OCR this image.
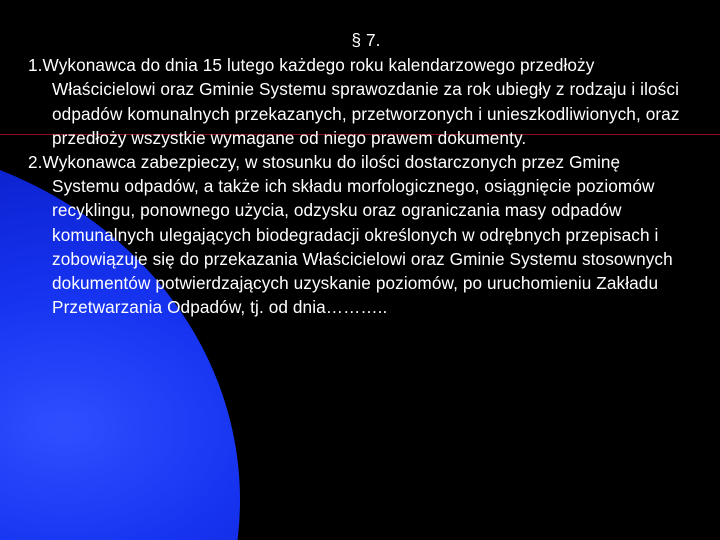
§ 7.

1.Wykonawca do dnia 15 lutego każdego roku kalendarzowego przedłoży Właścicielowi oraz Gminie Systemu sprawozdanie za rok ubiegły z rodzaju i ilości odpadów komunalnych przekazanych, przetworzonych i unieszkodliwionych, oraz przedłoży wszystkie wymagane od niego prawem dokumenty.

2.Wykonawca zabezpieczy, w stosunku do ilości dostarczonych przez Gminę Systemu odpadów, a także ich składu morfologicznego, osiągnięcie poziomów recyklingu, ponownego użycia, odzysku oraz ograniczania masy odpadów komunalnych ulegających biodegradacji określonych w odrębnych przepisach i zobowiązuje się do przekazania Właścicielowi oraz Gminie Systemu stosownych dokumentów potwierdzających uzyskanie poziomów, po uruchomieniu Zakładu Przetwarzania Odpadów, tj. od dnia………..
